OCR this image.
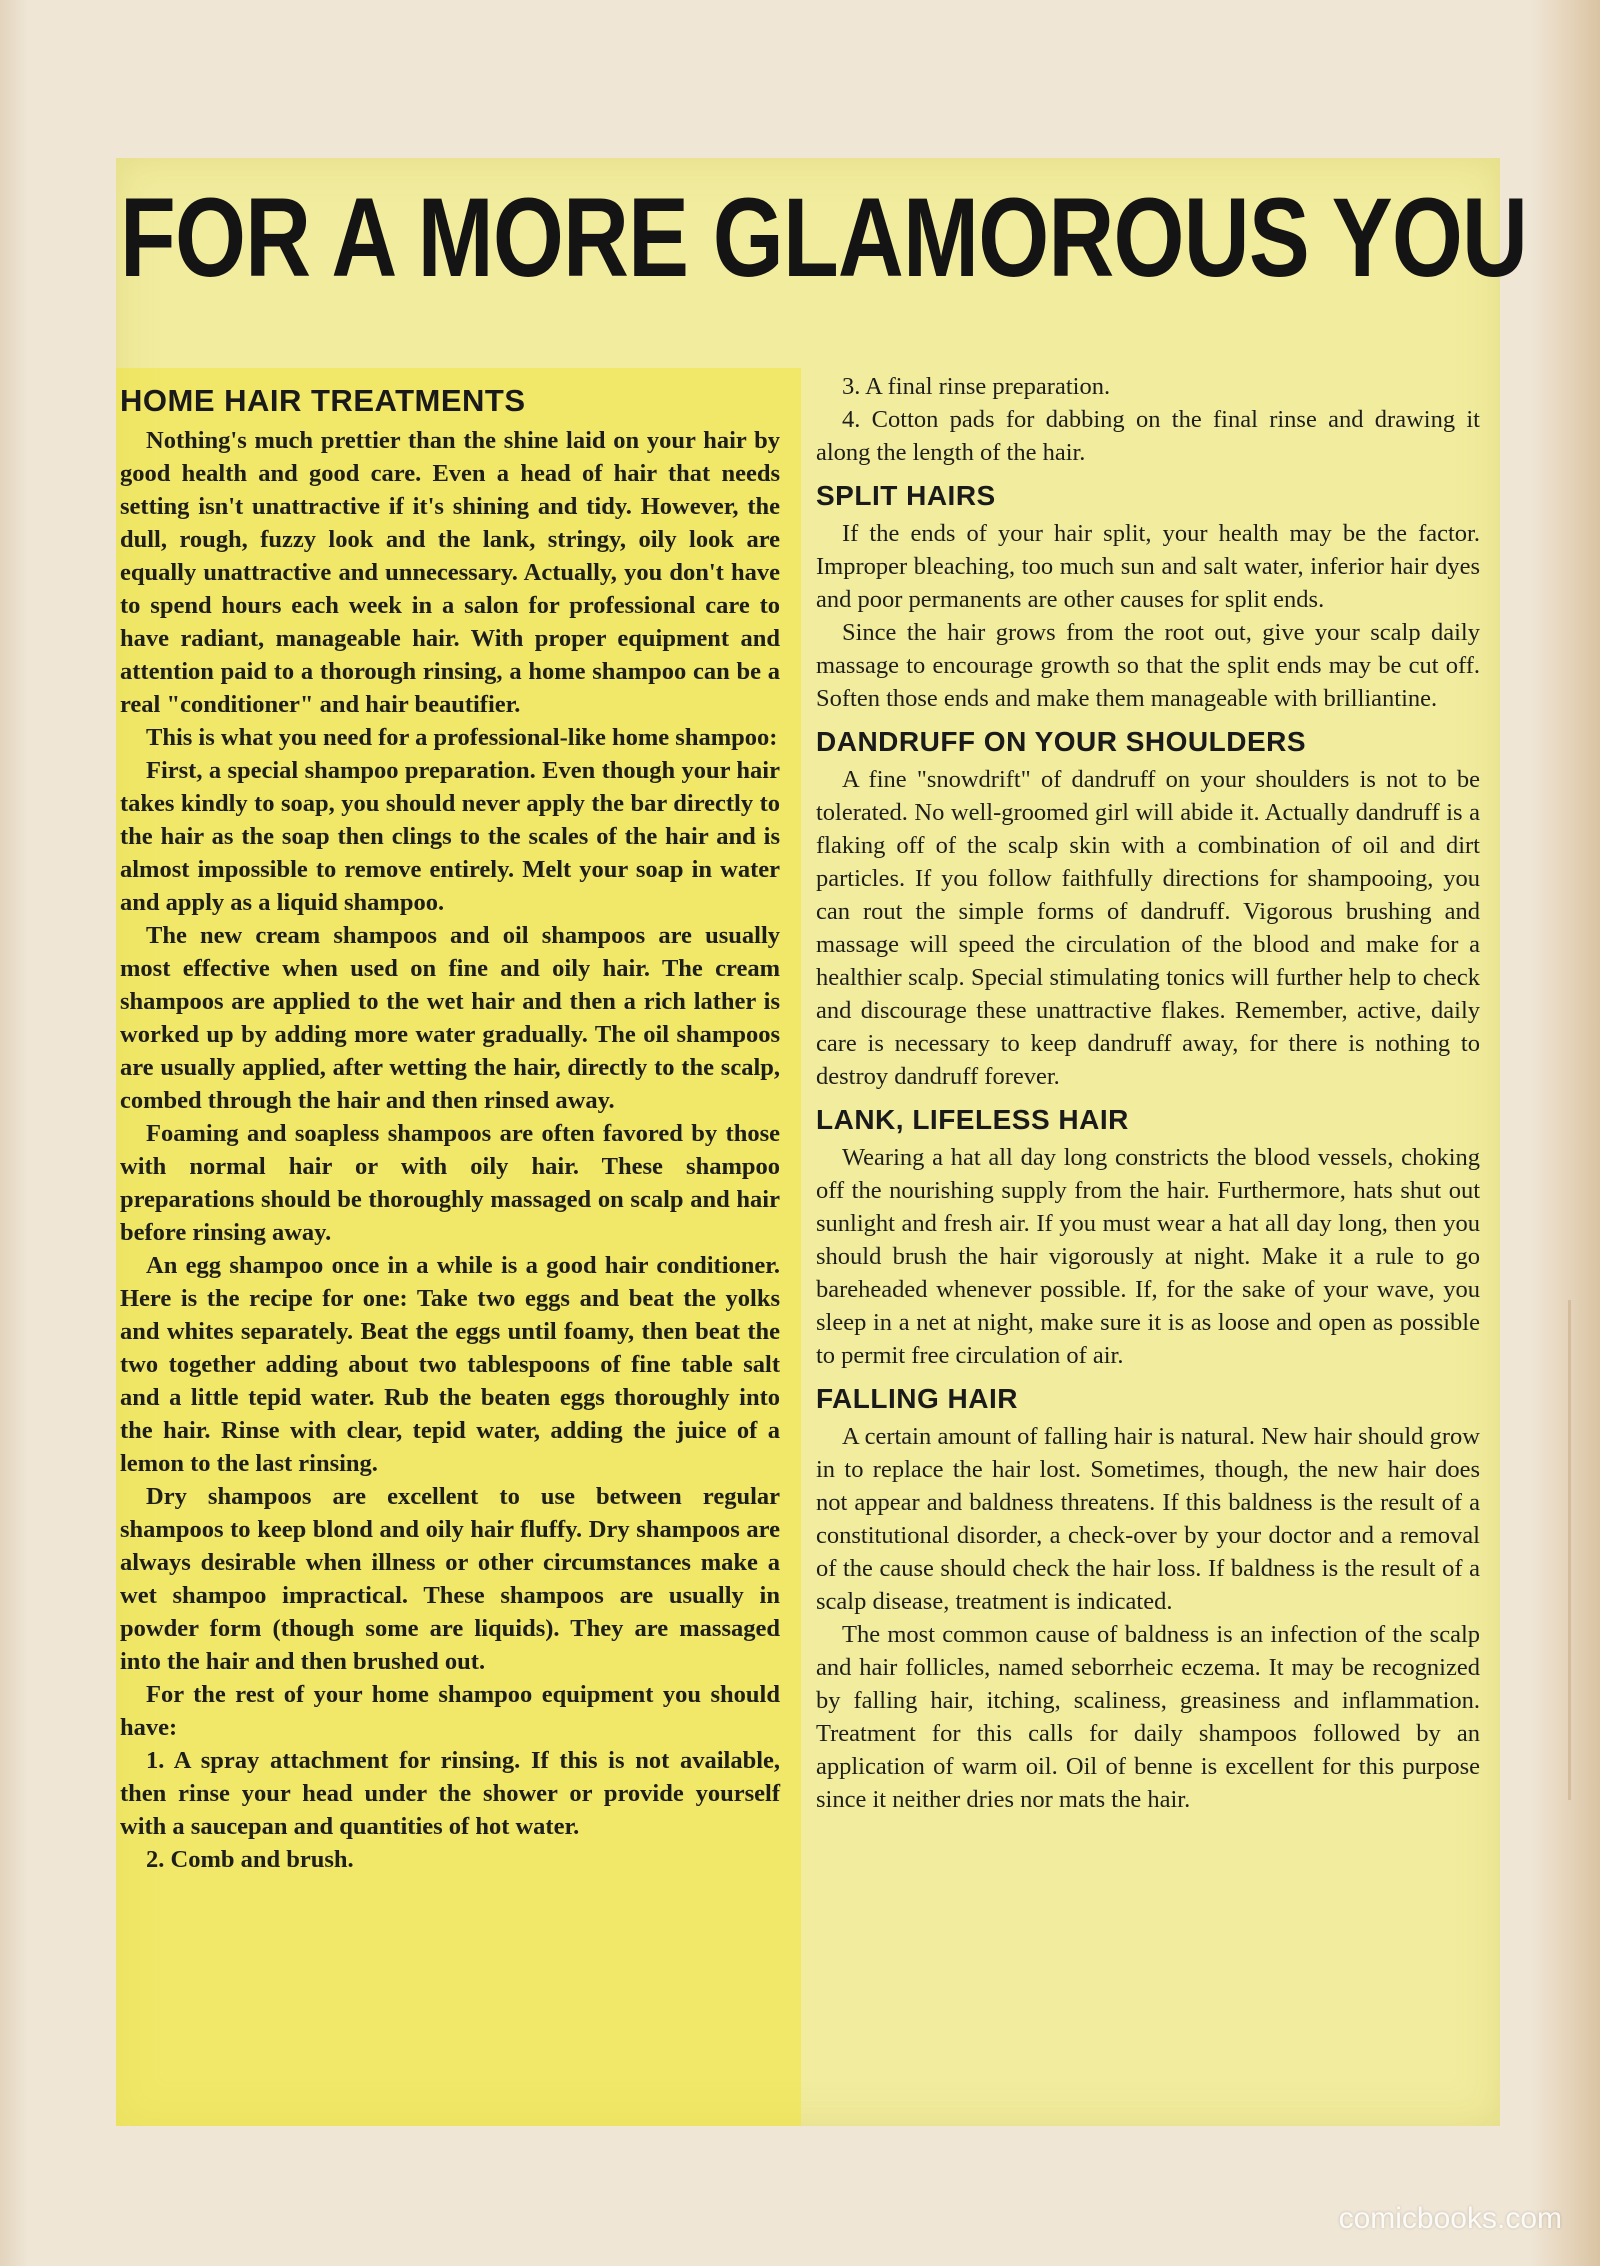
FOR A MORE GLAMOROUS YOU
HOME HAIR TREATMENTS

Nothing's much prettier than the shine laid on your hair by good health and good care. Even a head of hair that needs setting isn't unattractive if it's shining and tidy. However, the dull, rough, fuzzy look and the lank, stringy, oily look are equally unattractive and unnecessary. Actually, you don't have to spend hours each week in a salon for professional care to have radiant, manageable hair. With proper equipment and attention paid to a thorough rinsing, a home shampoo can be a real "conditioner" and hair beautifier.

This is what you need for a professional-like home shampoo:

First, a special shampoo preparation. Even though your hair takes kindly to soap, you should never apply the bar directly to the hair as the soap then clings to the scales of the hair and is almost impossible to remove entirely. Melt your soap in water and apply as a liquid shampoo.

The new cream shampoos and oil shampoos are usually most effective when used on fine and oily hair. The cream shampoos are applied to the wet hair and then a rich lather is worked up by adding more water gradually. The oil shampoos are usually applied, after wetting the hair, directly to the scalp, combed through the hair and then rinsed away.

Foaming and soapless shampoos are often favored by those with normal hair or with oily hair. These shampoo preparations should be thoroughly massaged on scalp and hair before rinsing away.

An egg shampoo once in a while is a good hair conditioner. Here is the recipe for one: Take two eggs and beat the yolks and whites separately. Beat the eggs until foamy, then beat the two together adding about two tablespoons of fine table salt and a little tepid water. Rub the beaten eggs thoroughly into the hair. Rinse with clear, tepid water, adding the juice of a lemon to the last rinsing.

Dry shampoos are excellent to use between regular shampoos to keep blond and oily hair fluffy. Dry shampoos are always desirable when illness or other circumstances make a wet shampoo impractical. These shampoos are usually in powder form (though some are liquids). They are massaged into the hair and then brushed out.

For the rest of your home shampoo equipment you should have:

1. A spray attachment for rinsing. If this is not available, then rinse your head under the shower or provide yourself with a saucepan and quantities of hot water.

2. Comb and brush.

3. A final rinse preparation.

4. Cotton pads for dabbing on the final rinse and drawing it along the length of the hair.

SPLIT HAIRS

If the ends of your hair split, your health may be the factor. Improper bleaching, too much sun and salt water, inferior hair dyes and poor permanents are other causes for split ends.

Since the hair grows from the root out, give your scalp daily massage to encourage growth so that the split ends may be cut off. Soften those ends and make them manageable with brilliantine.

DANDRUFF ON YOUR SHOULDERS

A fine "snowdrift" of dandruff on your shoulders is not to be tolerated. No well-groomed girl will abide it. Actually dandruff is a flaking off of the scalp skin with a combination of oil and dirt particles. If you follow faithfully directions for shampooing, you can rout the simple forms of dandruff. Vigorous brushing and massage will speed the circulation of the blood and make for a healthier scalp. Special stimulating tonics will further help to check and discourage these unattractive flakes. Remember, active, daily care is necessary to keep dandruff away, for there is nothing to destroy dandruff forever.

LANK, LIFELESS HAIR

Wearing a hat all day long constricts the blood vessels, choking off the nourishing supply from the hair. Furthermore, hats shut out sunlight and fresh air. If you must wear a hat all day long, then you should brush the hair vigorously at night. Make it a rule to go bareheaded whenever possible. If, for the sake of your wave, you sleep in a net at night, make sure it is as loose and open as possible to permit free circulation of air.

FALLING HAIR

A certain amount of falling hair is natural. New hair should grow in to replace the hair lost. Sometimes, though, the new hair does not appear and baldness threatens. If this baldness is the result of a constitutional disorder, a check-over by your doctor and a removal of the cause should check the hair loss. If baldness is the result of a scalp disease, treatment is indicated.

The most common cause of baldness is an infection of the scalp and hair follicles, named seborrheic eczema. It may be recognized by falling hair, itching, scaliness, greasiness and inflammation. Treatment for this calls for daily shampoos followed by an application of warm oil. Oil of benne is excellent for this purpose since it neither dries nor mats the hair.

comicbooks.com
